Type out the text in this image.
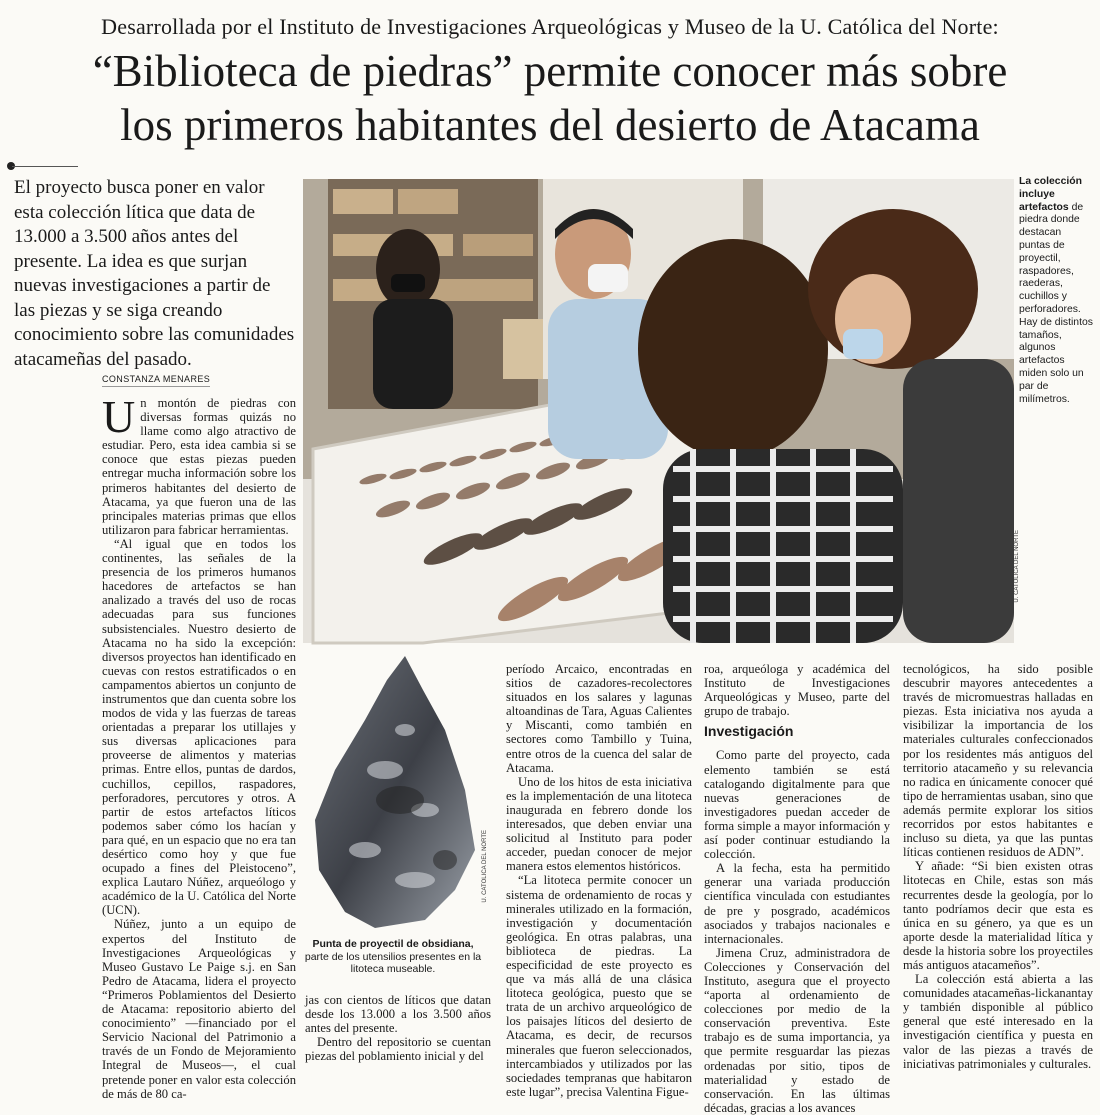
Desarrollada por el Instituto de Investigaciones Arqueológicas y Museo de la U. Católica del Norte:
“Biblioteca de piedras” permite conocer más sobre
los primeros habitantes del desierto de Atacama

El proyecto busca poner en valor esta colección lítica que data de 13.000 a 3.500 años antes del presente. La idea es que surjan nuevas investigaciones a partir de las piezas y se siga creando conocimiento sobre las comunidades atacameñas del pasado.

CONSTANZA MENARES
U. CATÓLICA DEL NORTE

La colección incluye artefactos de piedra donde destacan puntas de proyectil, raspadores, raederas, cuchillos y perforadores. Hay de distintos tamaños, algunos artefactos miden solo un par de milímetros.

U. CATÓLICA DEL NORTE

Punta de proyectil de obsidiana, parte de los utensilios presentes en la litoteca museable.

Un montón de piedras con diversas formas quizás no llame como algo atractivo de estudiar. Pero, esta idea cambia si se conoce que estas piezas pueden entregar mucha información sobre los primeros habitantes del desierto de Atacama, ya que fueron una de las principales materias primas que ellos utilizaron para fabricar herramientas.

“Al igual que en todos los continentes, las señales de la presencia de los primeros humanos hacedores de artefactos se han analizado a través del uso de rocas adecuadas para sus funciones subsistenciales. Nuestro desierto de Atacama no ha sido la excepción: diversos proyectos han identificado en cuevas con restos estratificados o en campamentos abiertos un conjunto de instrumentos que dan cuenta sobre los modos de vida y las fuerzas de tareas orientadas a preparar los utillajes y sus diversas aplicaciones para proveerse de alimentos y materias primas. Entre ellos, puntas de dardos, cuchillos, cepillos, raspadores, perforadores, percutores y otros. A partir de estos artefactos líticos podemos saber cómo los hacían y para qué, en un espacio que no era tan desértico como hoy y que fue ocupado a fines del Pleistoceno”, explica Lautaro Núñez, arqueólogo y académico de la U. Católica del Norte (UCN).

Núñez, junto a un equipo de expertos del Instituto de Investigaciones Arqueológicas y Museo Gustavo Le Paige s.j. en San Pedro de Atacama, lidera el proyecto “Primeros Poblamientos del Desierto de Atacama: repositorio abierto del conocimiento” —financiado por el Servicio Nacional del Patrimonio a través de un Fondo de Mejoramiento Integral de Museos—, el cual pretende poner en valor esta colección de más de 80 ca-

jas con cientos de líticos que datan desde los 13.000 a los 3.500 años antes del presente.

Dentro del repositorio se cuentan piezas del poblamiento inicial y del

período Arcaico, encontradas en sitios de cazadores-recolectores situados en los salares y lagunas altoandinas de Tara, Aguas Calientes y Miscanti, como también en sectores como Tambillo y Tuina, entre otros de la cuenca del salar de Atacama.

Uno de los hitos de esta iniciativa es la implementación de una litoteca inaugurada en febrero donde los interesados, que deben enviar una solicitud al Instituto para poder acceder, puedan conocer de mejor manera estos elementos históricos.

“La litoteca permite conocer un sistema de ordenamiento de rocas y minerales utilizado en la formación, investigación y documentación geológica. En otras palabras, una biblioteca de piedras. La especificidad de este proyecto es que va más allá de una clásica litoteca geológica, puesto que se trata de un archivo arqueológico de los paisajes líticos del desierto de Atacama, es decir, de recursos minerales que fueron seleccionados, intercambiados y utilizados por las sociedades tempranas que habitaron este lugar”, precisa Valentina Figue-

roa, arqueóloga y académica del Instituto de Investigaciones Arqueológicas y Museo, parte del grupo de trabajo.

Investigación

Como parte del proyecto, cada elemento también se está catalogando digitalmente para que nuevas generaciones de investigadores puedan acceder de forma simple a mayor información y así poder continuar estudiando la colección.

A la fecha, esta ha permitido generar una variada producción científica vinculada con estudiantes de pre y posgrado, académicos asociados y trabajos nacionales e internacionales.

Jimena Cruz, administradora de Colecciones y Conservación del Instituto, asegura que el proyecto “aporta al ordenamiento de colecciones por medio de la conservación preventiva. Este trabajo es de suma importancia, ya que permite resguardar las piezas ordenadas por sitio, tipos de materialidad y estado de conservación. En las últimas décadas, gracias a los avances

tecnológicos, ha sido posible descubrir mayores antecedentes a través de micromuestras halladas en piezas. Esta iniciativa nos ayuda a visibilizar la importancia de los materiales culturales confeccionados por los residentes más antiguos del territorio atacameño y su relevancia no radica en únicamente conocer qué tipo de herramientas usaban, sino que además permite explorar los sitios recorridos por estos habitantes e incluso su dieta, ya que las puntas líticas contienen residuos de ADN”.

Y añade: “Si bien existen otras litotecas en Chile, estas son más recurrentes desde la geología, por lo tanto podríamos decir que esta es única en su género, ya que es un aporte desde la materialidad lítica y desde la historia sobre los proyectiles más antiguos atacameños”.

La colección está abierta a las comunidades atacameñas-lickanantay y también disponible al público general que esté interesado en la investigación científica y puesta en valor de las piezas a través de iniciativas patrimoniales y culturales.
